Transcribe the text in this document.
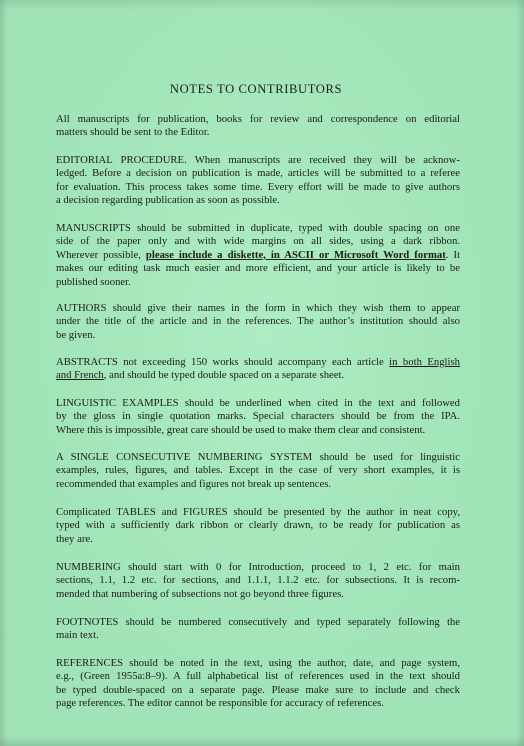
NOTES TO CONTRIBUTORS

All manuscripts for publication, books for review and correspondence on editorial
matters should be sent to the Editor.

EDITORIAL PROCEDURE. When manuscripts are received they will be acknow-
ledged. Before a decision on publication is made, articles will be submitted to a referee
for evaluation. This process takes some time. Every effort will be made to give authors
a decision regarding publication as soon as possible.

MANUSCRIPTS should be submitted in duplicate, typed with double spacing on one
side of the paper only and with wide margins on all sides, using a dark ribbon.
Wherever possible, please include a diskette, in ASCII or Microsoft Word format. It
makes our editing task much easier and more efficient, and your article is likely to be
published sooner.

AUTHORS should give their names in the form in which they wish them to appear
under the title of the article and in the references. The author’s institution should also
be given.

ABSTRACTS not exceeding 150 works should accompany each article in both English
and French, and should be typed double spaced on a separate sheet.

LINGUISTIC EXAMPLES should be underlined when cited in the text and followed
by the gloss in single quotation marks. Special characters should be from the IPA.
Where this is impossible, great care should be used to make them clear and consistent.

A SINGLE CONSECUTIVE NUMBERING SYSTEM should be used for linguistic
examples, rules, figures, and tables. Except in the case of very short examples, it is
recommended that examples and figures not break up sentences.

Complicated TABLES and FIGURES should be presented by the author in neat copy,
typed with a sufficiently dark ribbon or clearly drawn, to be ready for publication as
they are.

NUMBERING should start with 0 for Introduction, proceed to 1, 2 etc. for main
sections, 1.1, 1.2 etc. for sections, and 1.1.1, 1.1.2 etc. for subsections. It is recom-
mended that numbering of subsections not go beyond three figures.

FOOTNOTES should be numbered consecutively and typed separately following the
main text.

REFERENCES should be noted in the text, using the author, date, and page system,
e.g., (Green 1955a:8–9). A full alphabetical list of references used in the text should
be typed double-spaced on a separate page. Please make sure to include and check
page references. The editor cannot be responsible for accuracy of references.
